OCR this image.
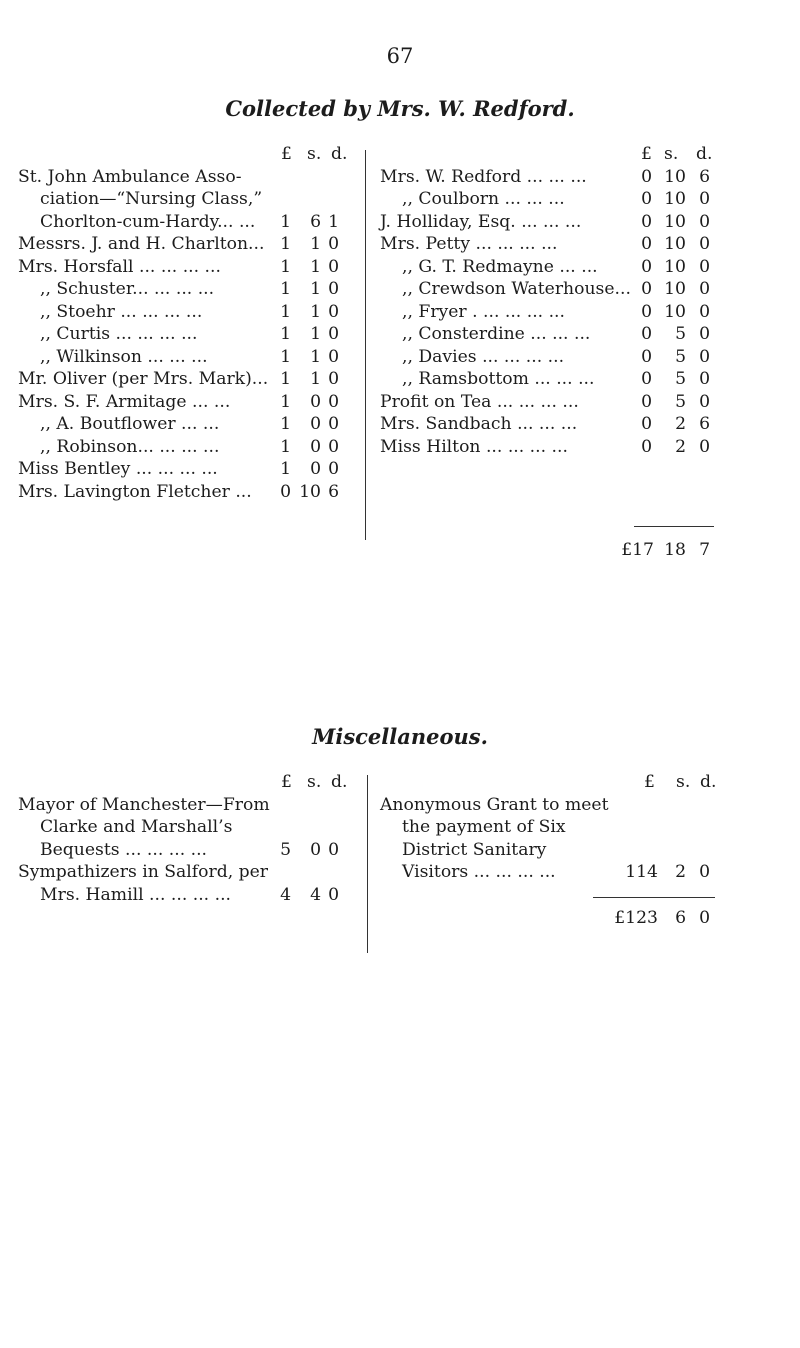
67
Collected by Mrs. W. Redford.
£ s. d.
St. John Ambulance Asso-
ciation—“Nursing Class,”
Chorlton-cum-Hardy... ...	1	6 1
Messrs. J. and H. Charlton... 1	1 0
Mrs. Horsfall ... ... ... ...	1	1 0
,, Schuster... ... ... ...	1	1 0
,, Stoehr ... ... ... ...	1	1 0
,, Curtis ... ... ... ...	1	1 0
,, Wilkinson ... ... ...	1	1 0
Mr. Oliver (per Mrs. Mark)... 1	1 0
Mrs. S. F. Armitage ... ...	1	0 0
,, A. Boutflower ... ...	1	0 0
,, Robinson... ... ... ...	1	0 0
Miss Bentley ... ... ... ...	1	0 0
Mrs. Lavington Fletcher ...	0 10 6
£ s. d.
Mrs. W. Redford ... ... ...	0 10 6
,, Coulborn ... ... ...	0 10 0
J. Holliday, Esq. ... ... ...	0 10 0
Mrs. Petty ... ... ... ...	0 10 0
,, G. T. Redmayne ... ...	0 10 0
,, Crewdson Waterhouse... 0 10 0
,, Fryer . ... ... ... ...	0 10 0
,, Consterdine ... ... ...	0	5 0
,, Davies ... ... ... ...	0	5 0
,, Ramsbottom ... ... ...	0	5 0
Profit on Tea ... ... ... ...	0	5 0
Mrs. Sandbach ... ... ...	0	2 6
Miss Hilton ... ... ... ...	0	2 0
£17 18 7
Miscellaneous.
£ s. d.
Mayor of Manchester—From
Clarke and Marshall’s
Bequests ... ... ... ...	5	0 0
Sympathizers in Salford, per
Mrs. Hamill ... ... ... ...	4	4 0
£ s. d.
Anonymous Grant to meet
the payment of Six
District Sanitary
Visitors ... ... ... ...	114 2 0
£123 6 0
